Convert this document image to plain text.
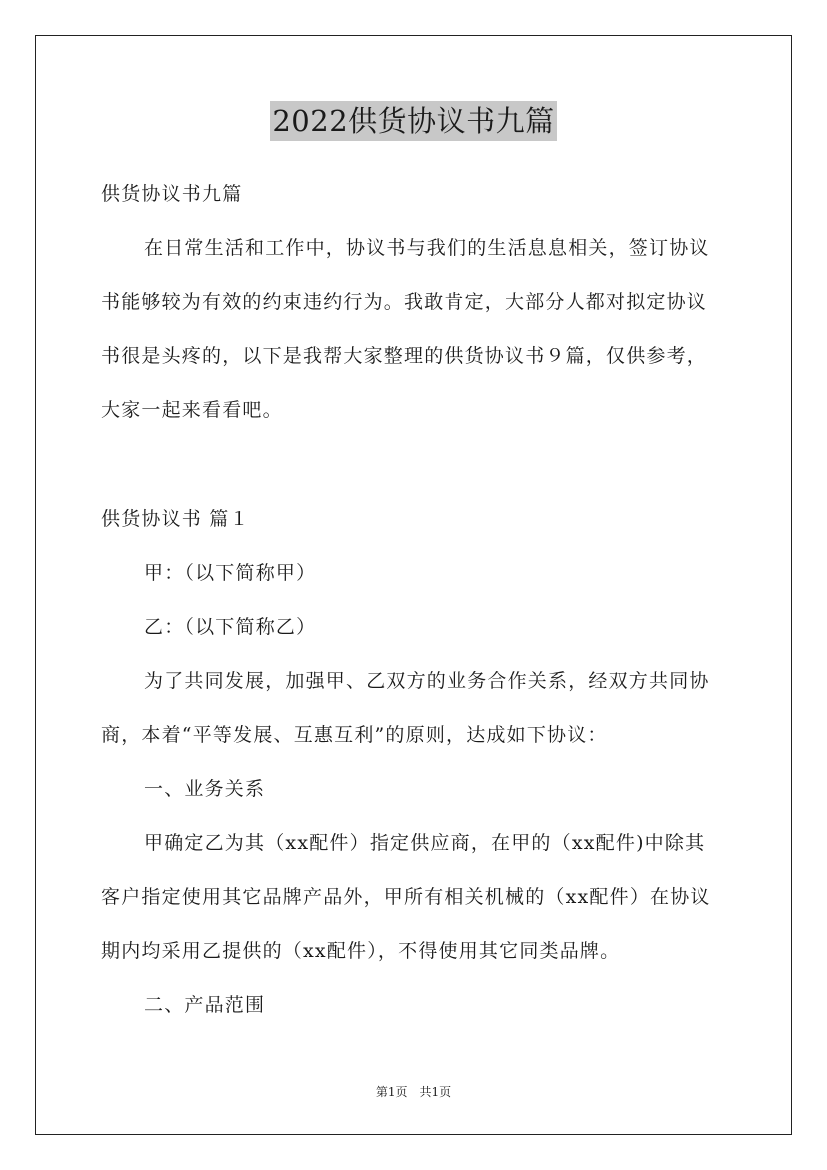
2022供货协议书九篇
供货协议书九篇
在日常生活和工作中，协议书与我们的生活息息相关，签订协议
书能够较为有效的约束违约行为。我敢肯定，大部分人都对拟定协议
书很是头疼的，以下是我帮大家整理的供货协议书９篇，仅供参考，
大家一起来看看吧。
供货协议书 篇１
甲：（以下简称甲）
乙：（以下简称乙）
为了共同发展，加强甲、乙双方的业务合作关系，经双方共同协
商，本着“平等发展、互惠互利”的原则，达成如下协议：
一、业务关系
甲确定乙为其（xx配件）指定供应商，在甲的（xx配件)中除其
客户指定使用其它品牌产品外，甲所有相关机械的（xx配件）在协议
期内均采用乙提供的（xx配件），不得使用其它同类品牌。
二、产品范围
第1页　共1页
